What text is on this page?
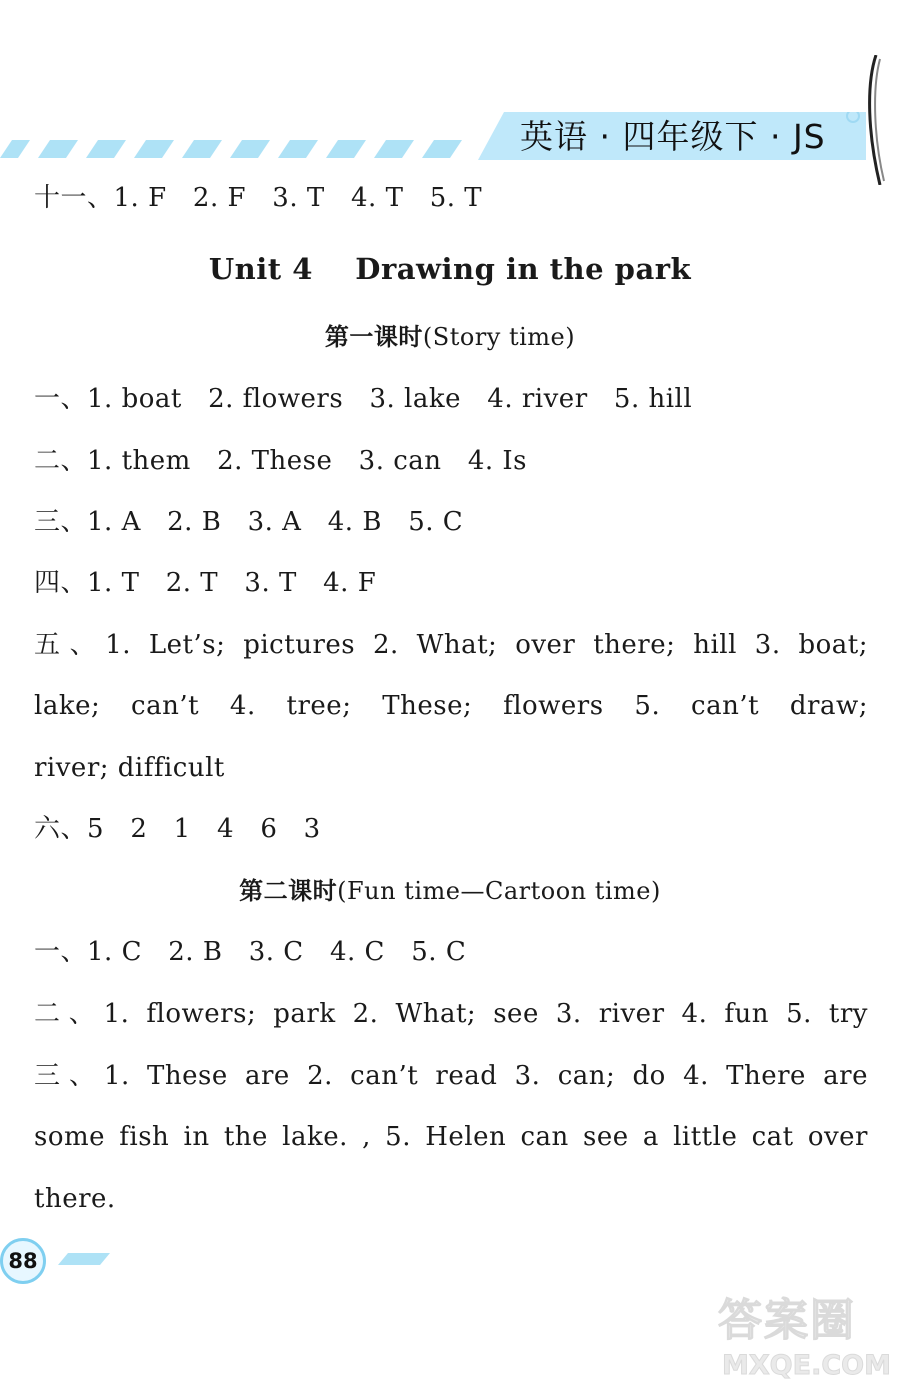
英语 · 四年级下 · JS
十一、1. F   2. F   3. T   4. T   5. T
Unit 4    Drawing in the park
第一课时(Story time)
一、1. boat   2. flowers   3. lake   4. river   5. hill
二、1. them   2. These   3. can   4. Is
三、1. A   2. B   3. A   4. B   5. C
四、1. T   2. T   3. T   4. F
五、1. Let’s; pictures 2. What; over there; hill 3. boat;
lake; can’t 4. tree; These; flowers 5. can’t draw;
river; difficult
六、5   2   1   4   6   3
第二课时(Fun time—Cartoon time)
一、1. C   2. B   3. C   4. C   5. C
二、1. flowers; park 2. What; see 3. river 4. fun 5. try
三、1. These are 2. can’t read 3. can; do 4. There are
some fish in the lake. , 5. Helen can see a little cat over
there.
88
答案圈
MXQE.COM
